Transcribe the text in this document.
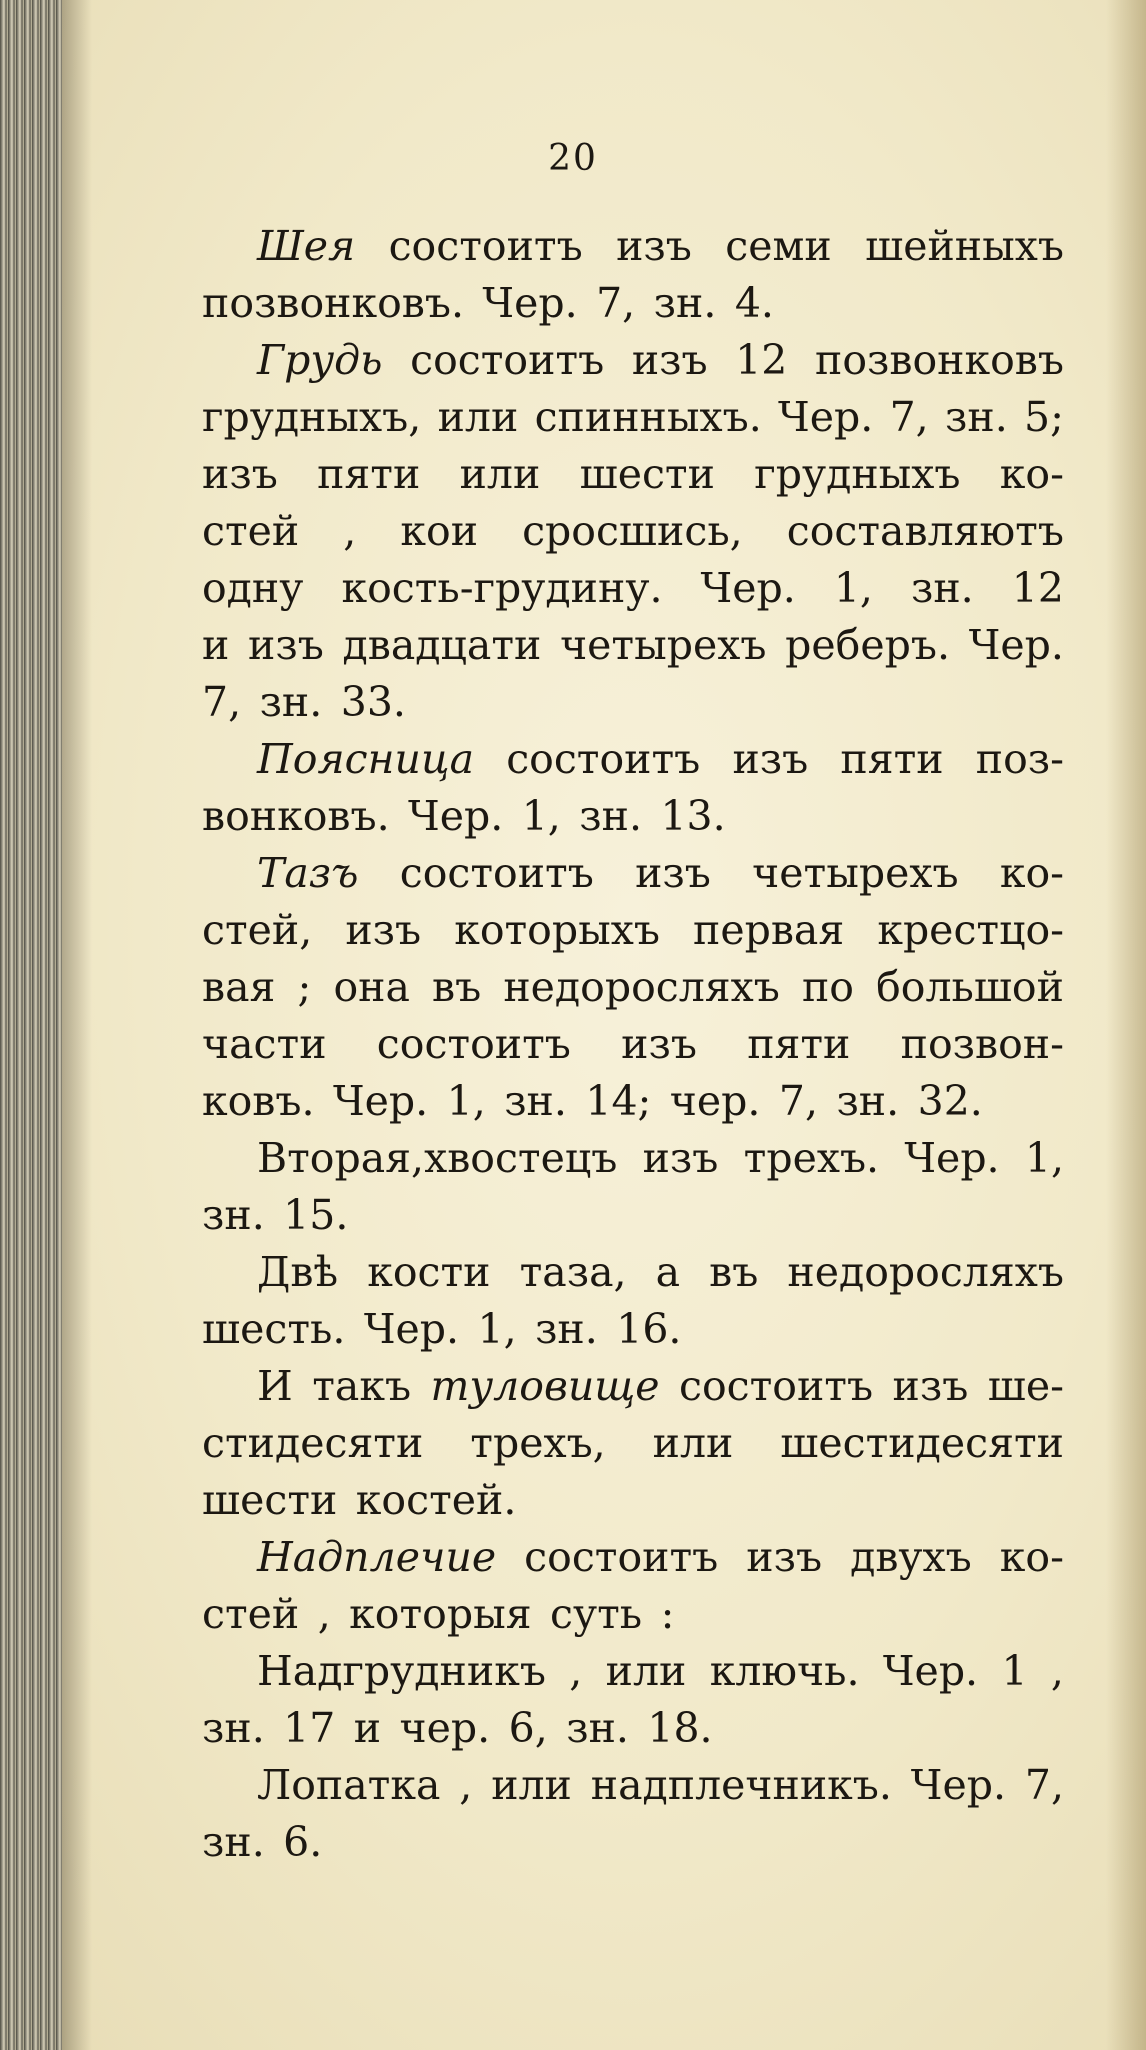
20
Шея состоитъ изъ семи шейныхъ
позвонковъ. Чер. 7, зн. 4.
Грудь состоитъ изъ 12 позвонковъ
грудныхъ, или спинныхъ. Чер. 7, зн. 5;
изъ пяти или шести грудныхъ ко-
стей , кои сросшись, составляютъ
одну кость-грудину. Чер. 1, зн. 12
и изъ двадцати четырехъ реберъ. Чер.
7, зн. 33.
Поясница состоитъ изъ пяти поз-
вонковъ. Чер. 1, зн. 13.
Тазъ состоитъ изъ четырехъ ко-
стей, изъ которыхъ первая крестцо-
вая ; она въ недоросляхъ по большой
части состоитъ изъ пяти позвон-
ковъ. Чер. 1, зн. 14; чер. 7, зн. 32.
Вторая,хвостецъ изъ трехъ. Чер. 1,
зн. 15.
Двѣ кости таза, а въ недоросляхъ
шесть. Чер. 1, зн. 16.
И такъ туловище состоитъ изъ ше-
стидесяти трехъ, или шестидесяти
шести костей.
Надплечие состоитъ изъ двухъ ко-
стей , которыя суть :
Надгрудникъ , или ключь. Чер. 1 ,
зн. 17 и чер. 6, зн. 18.
Лопатка , или надплечникъ. Чер. 7,
зн. 6.
